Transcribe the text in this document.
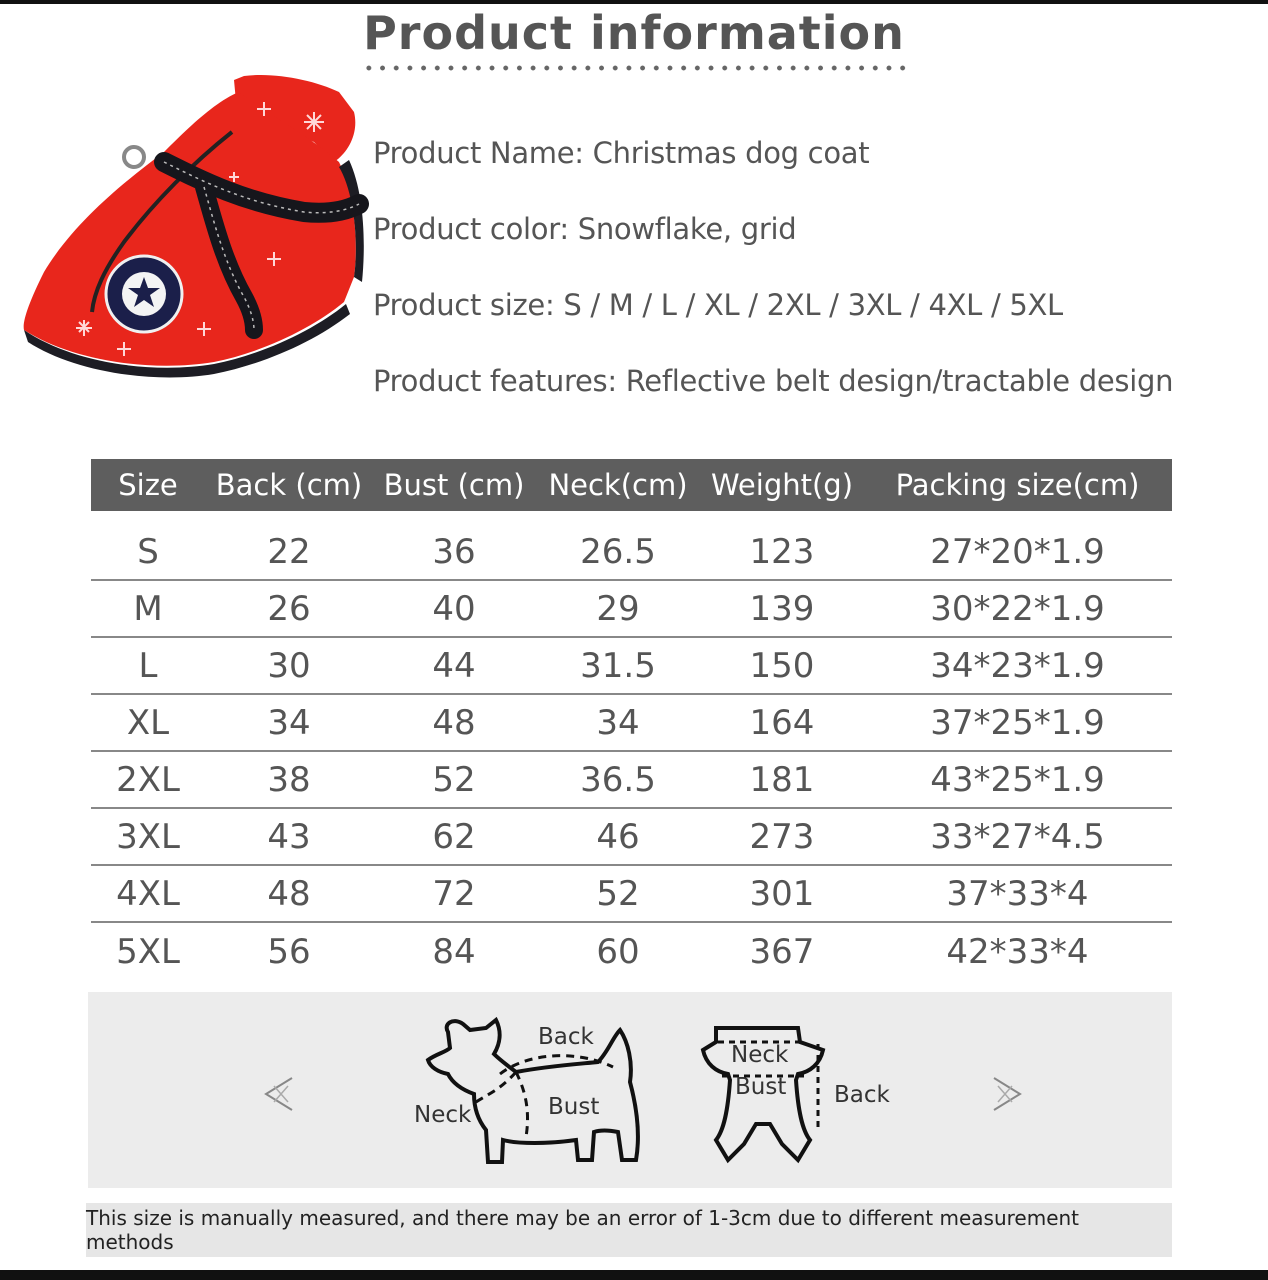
Product information
Product Name: Christmas dog coat
Product color: Snowflake, grid
Product size: S / M / L / XL / 2XL / 3XL / 4XL / 5XL
Product features: Reflective belt design/tractable design
Size	Back (cm) Bust (cm) Neck(cm) Weight(g)	Packing size(cm)
S	22	36	26.5	123	27*20*1.9
M	26	40	29	139	30*22*1.9
L	30	44	31.5	150	34*23*1.9
XL	34	48	34	164	37*25*1.9
2XL	38	52	36.5	181	43*25*1.9
3XL	43	62	46	273	33*27*4.5
4XL	48	72	52	301	37*33*4
5XL	56	84	60	367	42*33*4
Back
Neck	Bust
Neck
Bust Back
This size is manually measured, and there may be an error of 1-3cm due to different measurement methods
